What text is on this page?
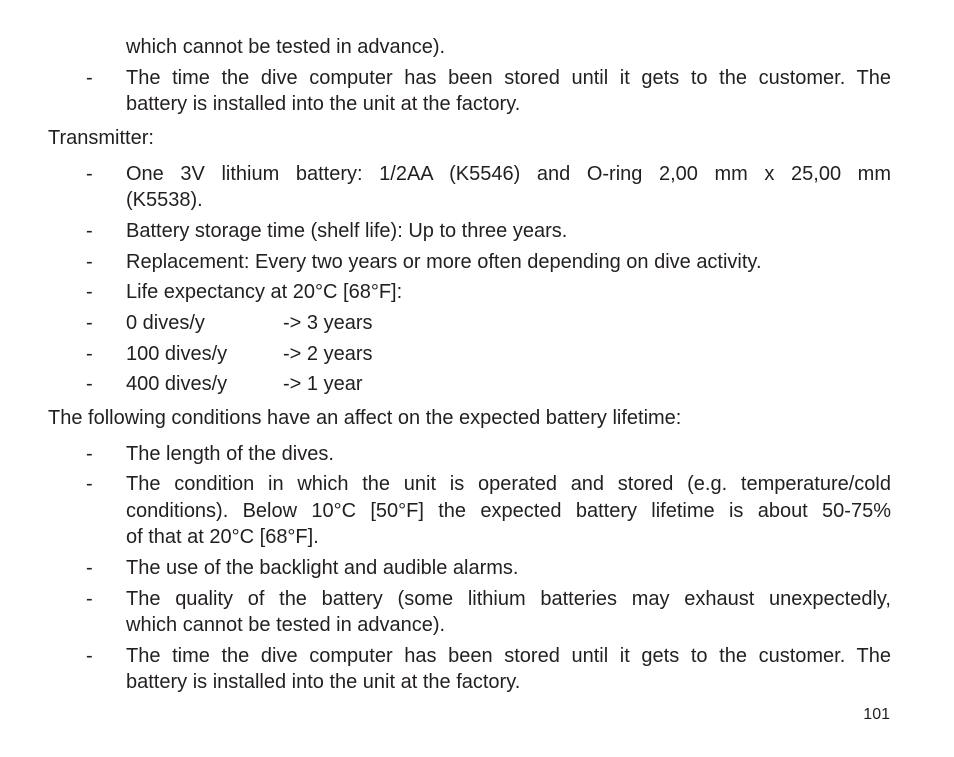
which cannot be tested in advance).
- The time the dive computer has been stored until it gets to the customer. The
battery is installed into the unit at the factory.
Transmitter:
- One 3V lithium battery: 1/2AA (K5546) and O-ring 2,00 mm x 25,00 mm
(K5538).
- Battery storage time (shelf life): Up to three years.
- Replacement: Every two years or more often depending on dive activity.
- Life expectancy at 20°C [68°F]:
- 0 dives/y	-> 3 years
- 100 dives/y	-> 2 years
- 400 dives/y	-> 1 year
The following conditions have an affect on the expected battery lifetime:
- The length of the dives.
- The condition in which the unit is operated and stored (e.g. temperature/cold
conditions). Below 10°C [50°F] the expected battery lifetime is about 50-75%
of that at 20°C [68°F].
- The use of the backlight and audible alarms.
- The quality of the battery (some lithium batteries may exhaust unexpectedly,
which cannot be tested in advance).
- The time the dive computer has been stored until it gets to the customer. The
battery is installed into the unit at the factory.
101
